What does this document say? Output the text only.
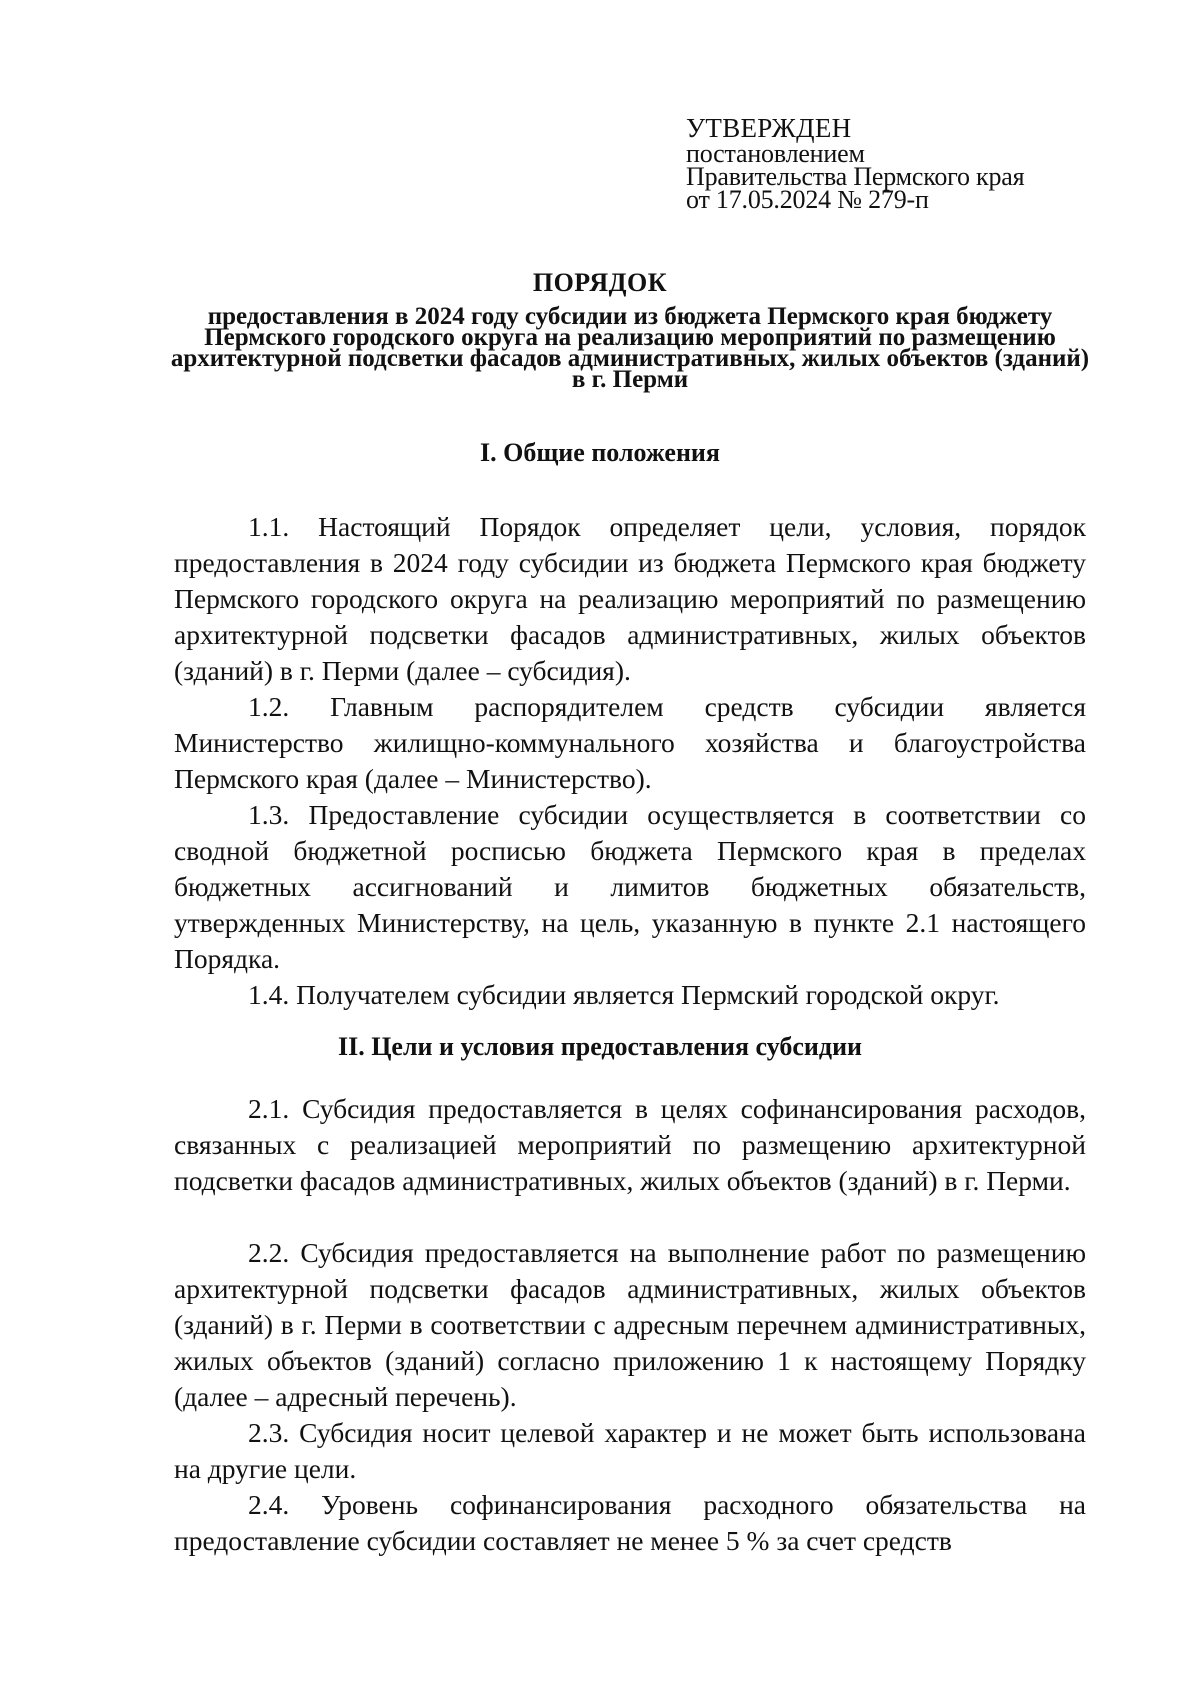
УТВЕРЖДЕН
постановлением
Правительства Пермского края
от 17.05.2024 № 279-п
ПОРЯДОК
предоставления в 2024 году субсидии из бюджета Пермского края бюджету Пермского городского округа на реализацию мероприятий по размещению архитектурной подсветки фасадов административных, жилых объектов (зданий) в г. Перми
I. Общие положения
1.1. Настоящий Порядок определяет цели, условия, порядок предоставления в 2024 году субсидии из бюджета Пермского края бюджету Пермского городского округа на реализацию мероприятий по размещению архитектурной подсветки фасадов административных, жилых объектов (зданий) в г. Перми (далее – субсидия).
1.2. Главным распорядителем средств субсидии является Министерство жилищно-коммунального хозяйства и благоустройства Пермского края (далее – Министерство).
1.3. Предоставление субсидии осуществляется в соответствии со сводной бюджетной росписью бюджета Пермского края в пределах бюджетных ассигнований и лимитов бюджетных обязательств, утвержденных Министерству, на цель, указанную в пункте 2.1 настоящего Порядка.
1.4. Получателем субсидии является Пермский городской округ.
II. Цели и условия предоставления субсидии
2.1. Субсидия предоставляется в целях софинансирования расходов, связанных с реализацией мероприятий по размещению архитектурной подсветки фасадов административных, жилых объектов (зданий) в г. Перми.
2.2. Субсидия предоставляется на выполнение работ по размещению архитектурной подсветки фасадов административных, жилых объектов (зданий) в г. Перми в соответствии с адресным перечнем административных, жилых объектов (зданий) согласно приложению 1 к настоящему Порядку (далее – адресный перечень).
2.3. Субсидия носит целевой характер и не может быть использована на другие цели.
2.4. Уровень софинансирования расходного обязательства на предоставление субсидии составляет не менее 5 % за счет средств
